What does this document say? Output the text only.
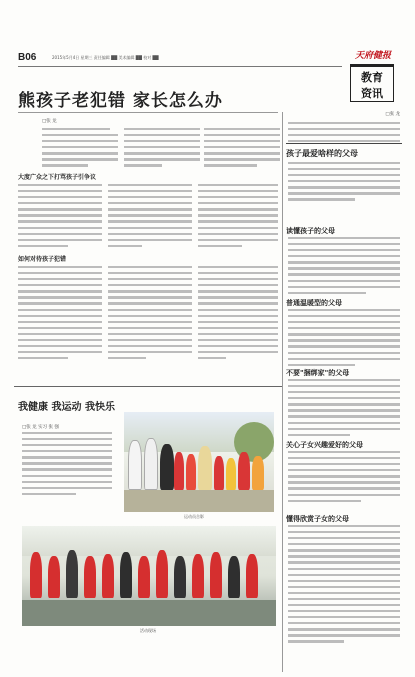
B06	2015年5月4日 星期三 责任编辑 ██ 美术编辑 ██ 校对 ██	天府健报
教育
资讯
熊孩子老犯错 家长怎么办
□张 龙
大度广众之下打骂孩子引争议
如何对待孩子犯错
□张 龙
孩子最爱啥样的父母
读懂孩子的父母
普通温暖型的父母
不要"捆绑家"的父母
关心子女兴趣爱好的父母
懂得欣赏子女的父母
我健康 我运动 我快乐
□张 龙 实习 张 强
运动员合影
活动现场
